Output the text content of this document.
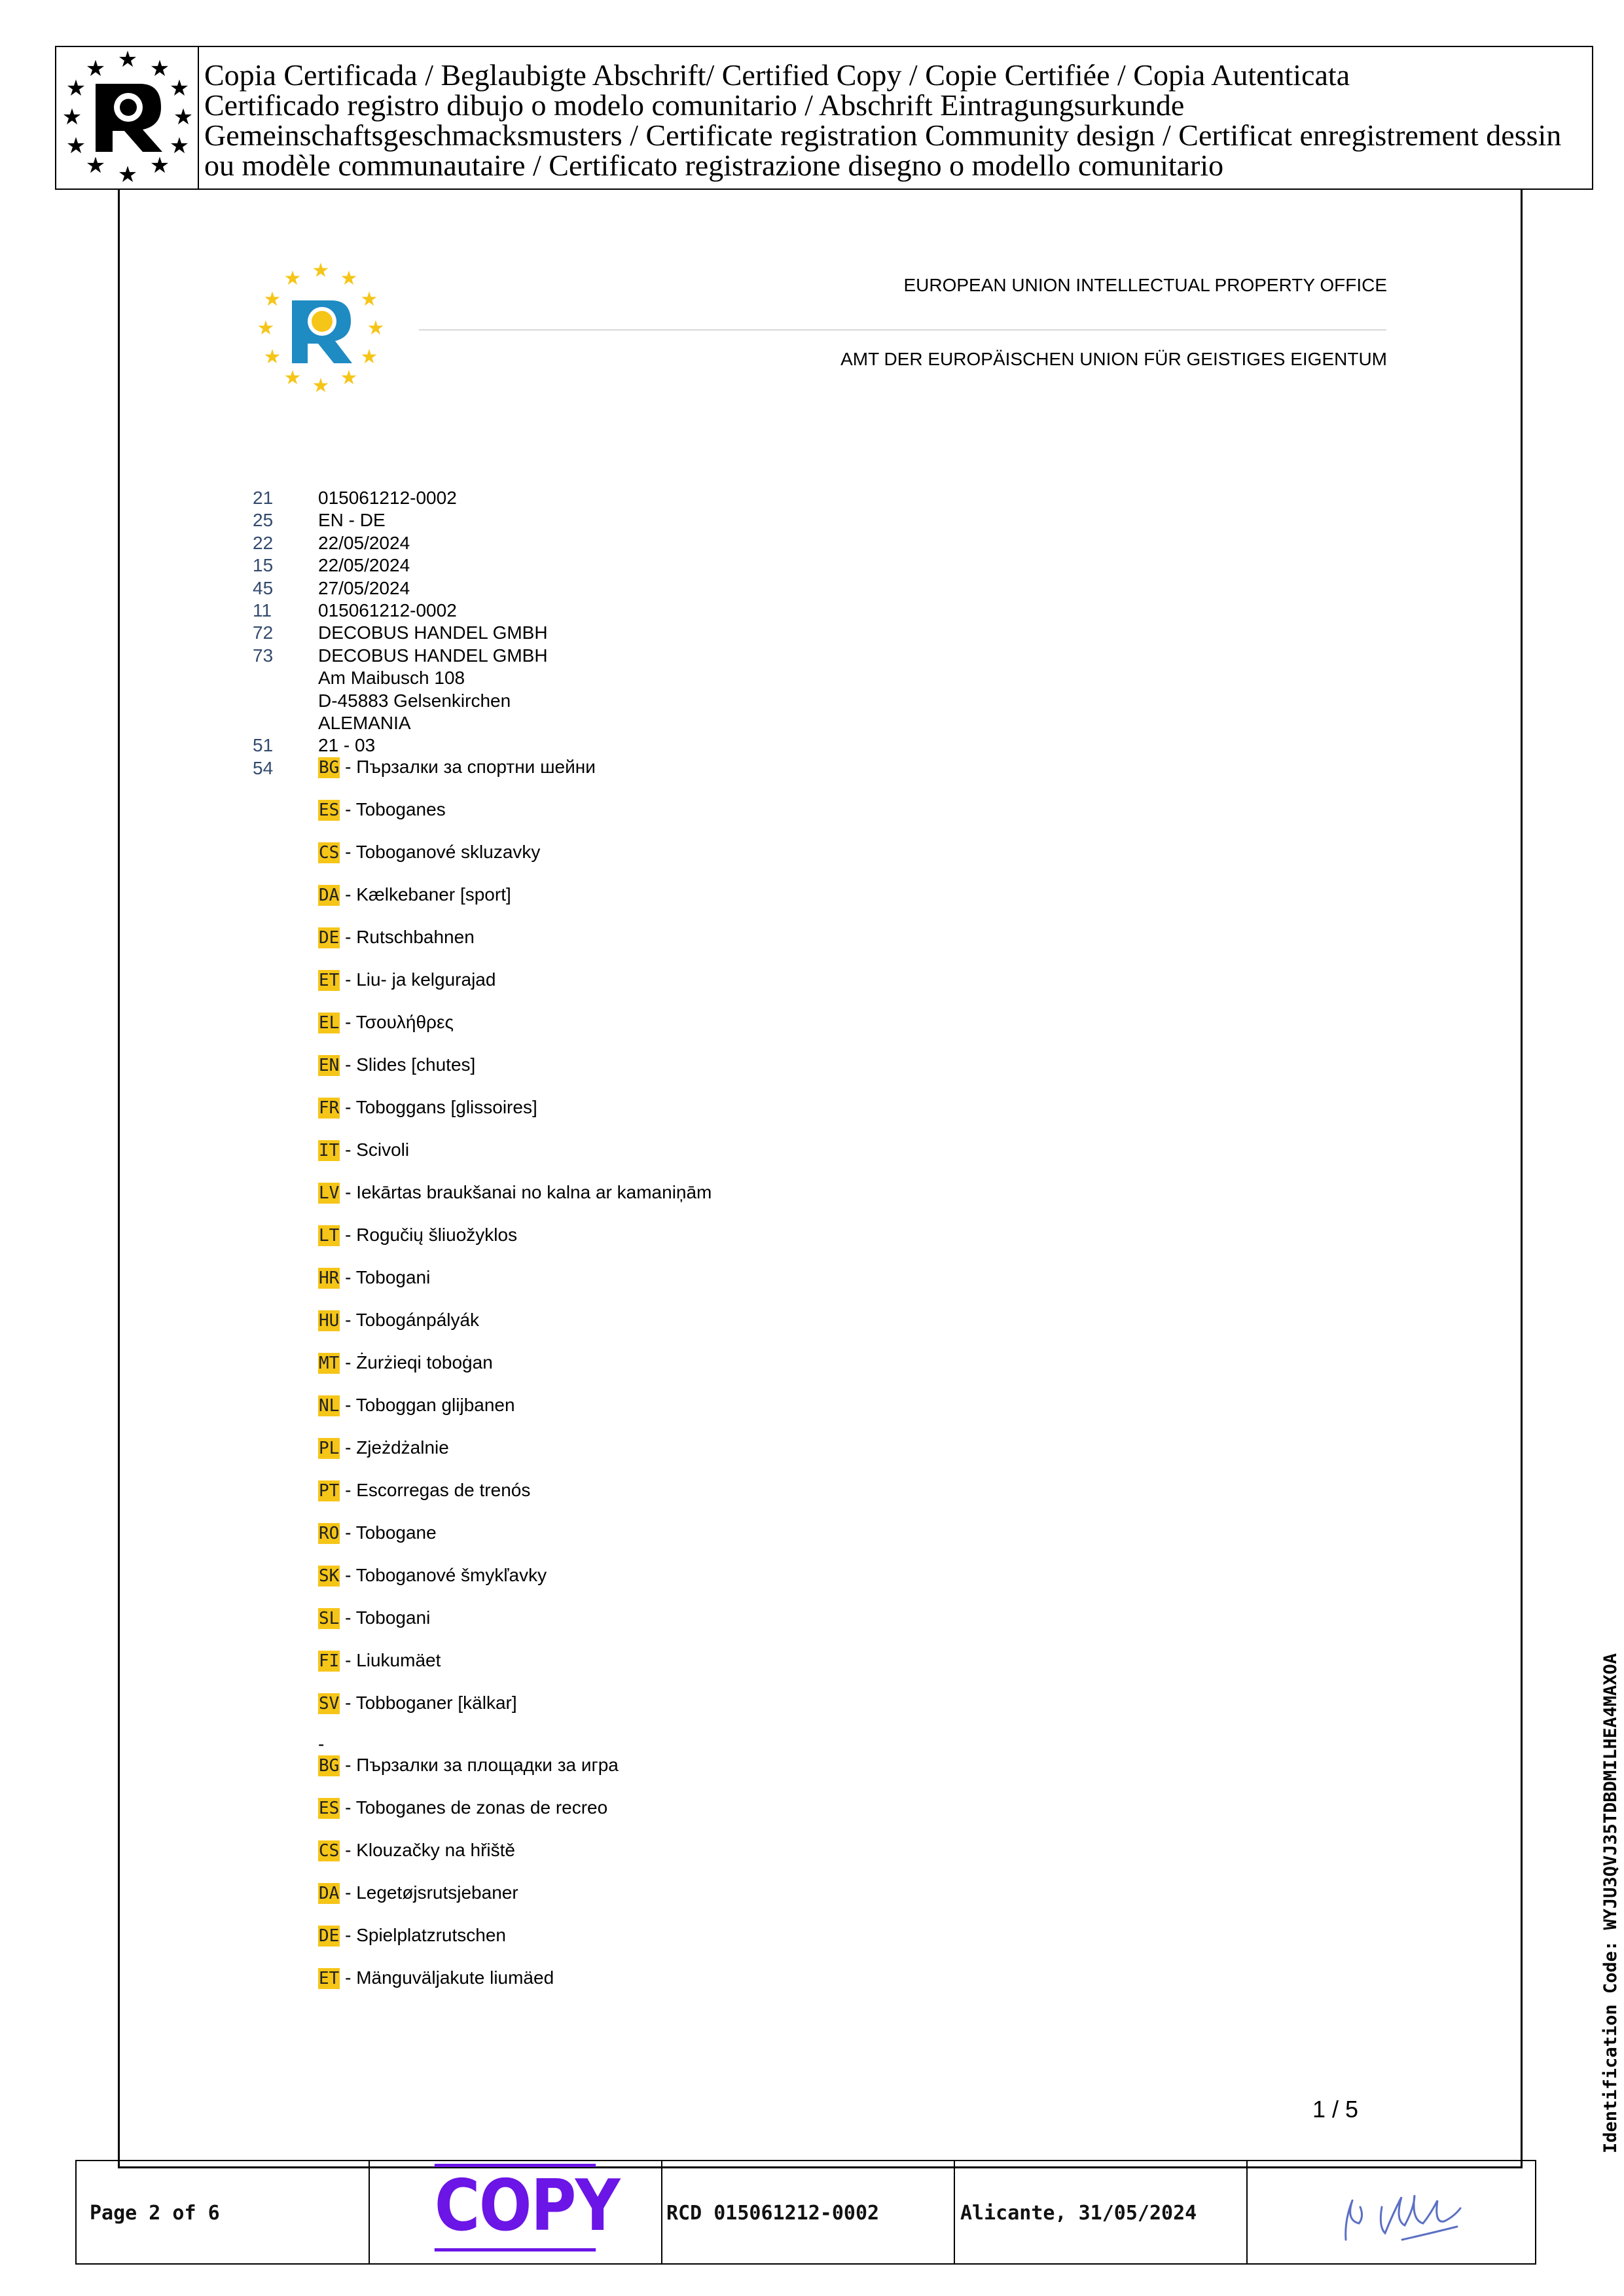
★
★ ★
★	★
★	★
★	★
★ ★
★
Copia Certificada / Beglaubigte Abschrift/ Certified Copy / Copie Certifiée / Copia Autenticata
Certificado registro dibujo o modelo comunitario / Abschrift Eintragungsurkunde
Gemeinschaftsgeschmacksmusters / Certificate registration Community design / Certificat enregistrement dessin
ou modèle communautaire / Certificato registrazione disegno o modello comunitario
★
★ ★
★	★
★	★
★	★
★ ★
★
EUROPEAN UNION INTELLECTUAL PROPERTY OFFICE
AMT DER EUROPÄISCHEN UNION FÜR GEISTIGES EIGENTUM
21 015061212-0002
25 EN - DE
22 22/05/2024
15 22/05/2024
45 27/05/2024
11	015061212-0002
72 DECOBUS HANDEL GMBH
73 DECOBUS HANDEL GMBH
Am Maibusch 108
D-45883 Gelsenkirchen
ALEMANIA
51 21 - 03
54	BG - Пързалки за спортни шейни
ES - Toboganes
CS - Toboganové skluzavky
DA - Kælkebaner [sport]
DE - Rutschbahnen
ET - Liu- ja kelgurajad
EL - Τσουλήθρες
EN - Slides [chutes]
FR - Toboggans [glissoires]
IT - Scivoli
LV - Iekārtas braukšanai no kalna ar kamaniņām
LT - Rogučių šliuožyklos
HR - Tobogani
HU - Tobogánpályák
MT - Żurżieqi toboġan
NL - Toboggan glijbanen
PL - Zjeżdżalnie
PT - Escorregas de trenós
RO - Tobogane
SK - Toboganové šmykľavky
SL - Tobogani
FI - Liukumäet
SV - Tobboganer [kälkar]
-
BG - Пързалки за площадки за игра
ES - Toboganes de zonas de recreo
CS - Klouzačky na hřiště
DA - Legetøjsrutsjebaner
DE - Spielplatzrutschen
ET - Mänguväljakute liumäed
1 / 5
Page 2 of 6	COPY RCD 015061212-0002	Alicante, 31/05/2024
Identification Code: WYJU3QVJ35TDBDMILHEA4MAXOA
